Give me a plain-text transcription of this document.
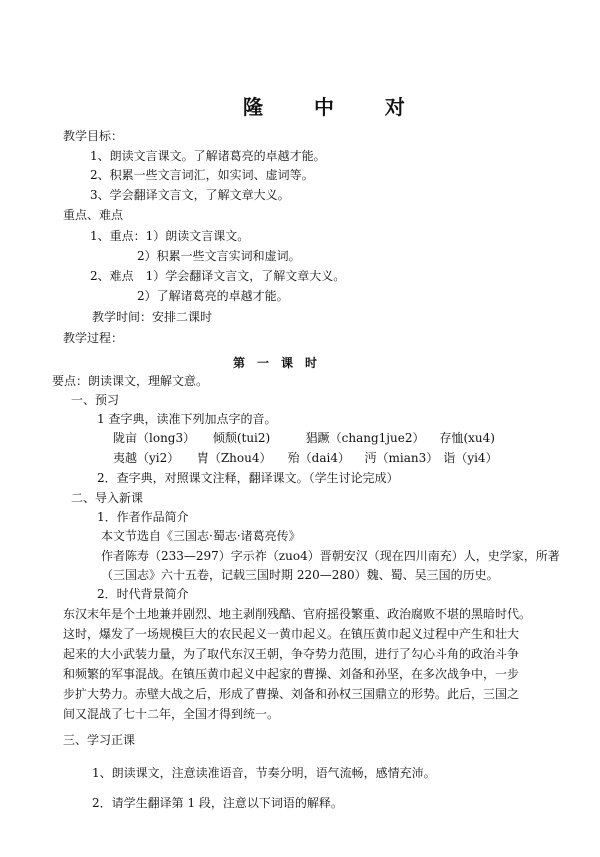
隆 中 对
教学目标：
1、朗读文言课文。了解诸葛亮的卓越才能。
2、积累一些文言词汇，如实词、虚词等。
3、学会翻译文言文，了解文章大义。
重点、难点
1、重点：1）朗读文言课文。
2）积累一些文言实词和虚词。
2、难点　1）学会翻译文言文，了解文章大义。
2）了解诸葛亮的卓越才能。
教学时间：安排二课时
教学过程：
第一课时
要点：朗读课文，理解文意。
一、预习
1 查字典，读准下列加点字的音。
陇亩（long3） 倾颓(tui2)	猖蹶（chang1jue2） 存恤(xu4)
夷越（yi2） 胄（Zhou4） 殆（dai4） 沔（mian3） 诣（yi4）
2．查字典，对照课文注释，翻译课文。（学生讨论完成）
二、导入新课
1．作者作品简介
本文节选自《三国志·蜀志·诸葛亮传》
作者陈寿（233—297）字示祚（zuo4）晋朝安汉（现在四川南充）人，史学家，所著
（三国志》六十五卷，记载三国时期 220—280）魏、蜀、吴三国的历史。
2．时代背景简介
东汉末年是个土地兼并剧烈、地主剥削残酷、官府摇役繁重、政治腐败不堪的黑暗时代。
这时，爆发了一场规模巨大的农民起义一黄巾起义。在镇压黄巾起义过程中产生和壮大
起来的大小武装力量，为了取代东汉王朝，争夺势力范围，进行了勾心斗角的政治斗争
和频繁的军事混战。在镇压黄巾起义中起家的曹操、刘备和孙坚，在多次战争中，一步
步扩大势力。赤壁大战之后，形成了曹操、刘备和孙权三国鼎立的形势。此后，三国之
间又混战了七十二年，全国才得到统一。
三、学习正课
1、朗读课文，注意读准语音，节奏分明，语气流畅，感情充沛。
2．请学生翻译第 1 段，注意以下词语的解释。
